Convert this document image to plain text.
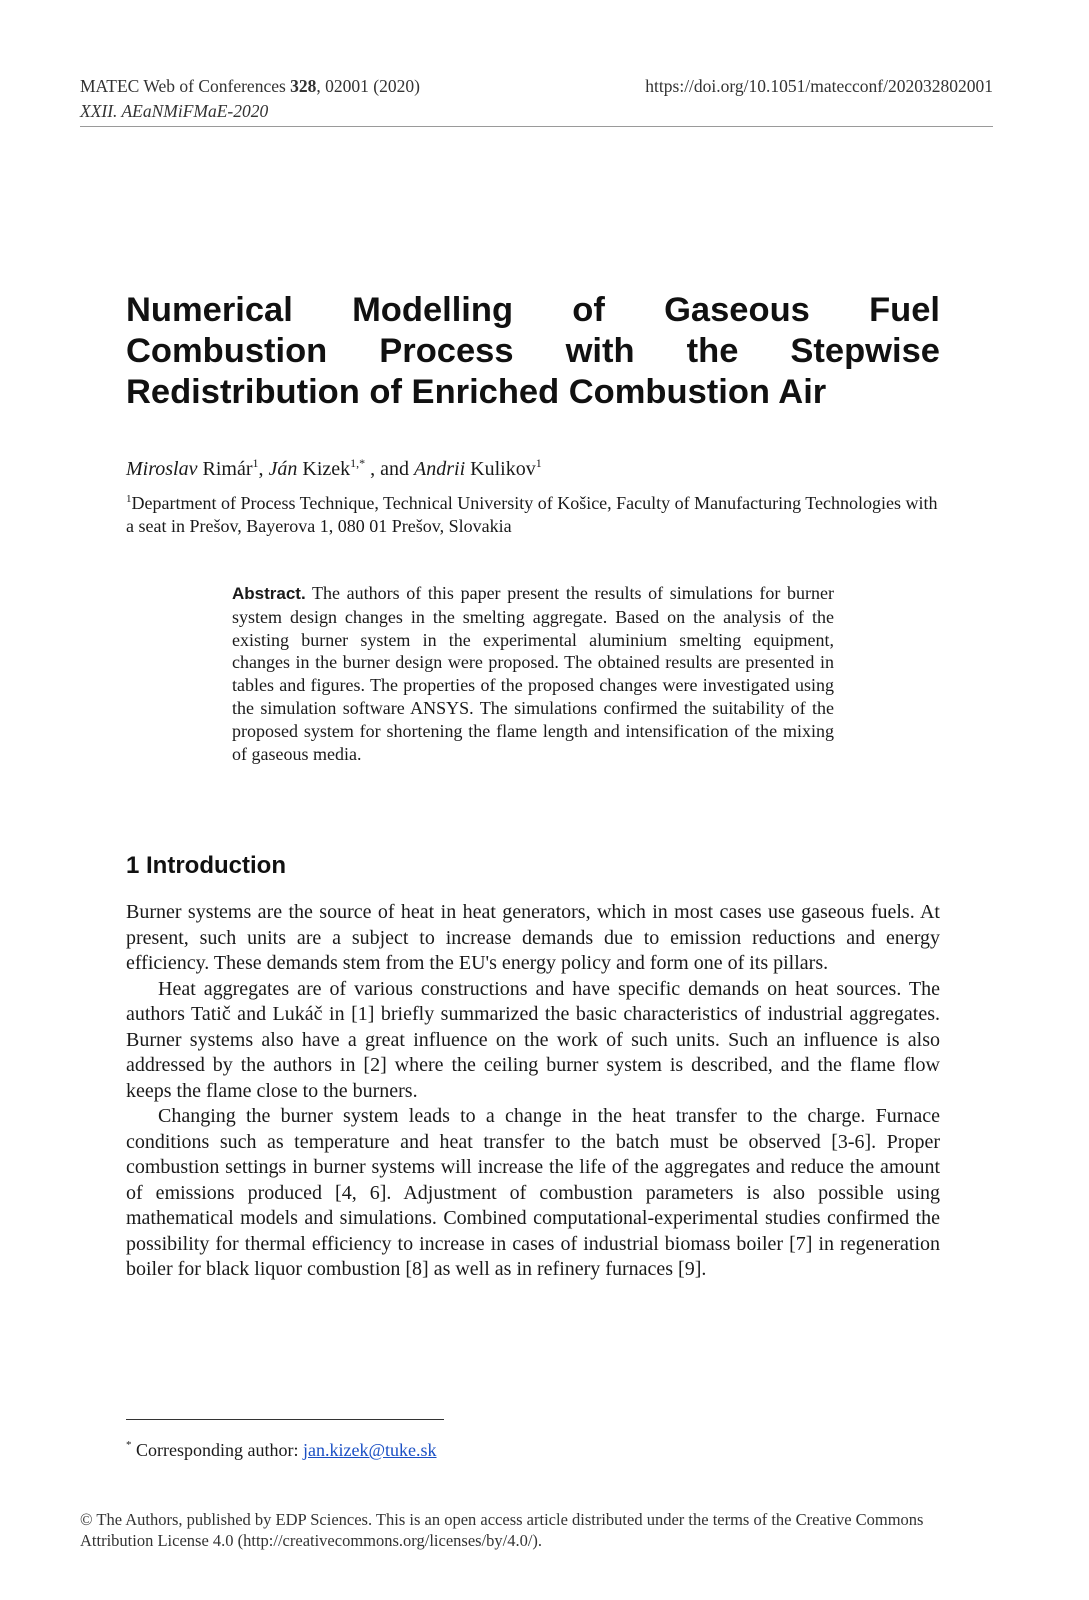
MATEC Web of Conferences 328, 02001 (2020)	https://doi.org/10.1051/matecconf/202032802001
XXII. AEaNMiFMaE-2020
Numerical Modelling of Gaseous Fuel
Combustion Process with the Stepwise
Redistribution of Enriched Combustion Air
Miroslav Rimár$^1$, Ján Kizek$^{1,*}$ , and Andrii Kulikov$^1$
$^1$Department of Process Technique, Technical University of Košice, Faculty of Manufacturing Technologies with a seat in Prešov, Bayerova 1, 080 01 Prešov, Slovakia
Abstract. The authors of this paper present the results of simulations for burner system design changes in the smelting aggregate. Based on the analysis of the existing burner system in the experimental aluminium smelting equipment, changes in the burner design were proposed. The obtained results are presented in tables and figures. The properties of the proposed changes were investigated using the simulation software ANSYS. The simulations confirmed the suitability of the proposed system for shortening the flame length and intensification of the mixing of gaseous media.
1 Introduction

Burner systems are the source of heat in heat generators, which in most cases use gaseous fuels. At present, such units are a subject to increase demands due to emission reductions and energy efficiency. These demands stem from the EU's energy policy and form one of its pillars.

Heat aggregates are of various constructions and have specific demands on heat sources. The authors Tatič and Lukáč in [1] briefly summarized the basic characteristics of industrial aggregates. Burner systems also have a great influence on the work of such units. Such an influence is also addressed by the authors in [2] where the ceiling burner system is described, and the flame flow keeps the flame close to the burners.

Changing the burner system leads to a change in the heat transfer to the charge. Furnace conditions such as temperature and heat transfer to the batch must be observed [3-6]. Proper combustion settings in burner systems will increase the life of the aggregates and reduce the amount of emissions produced [4, 6]. Adjustment of combustion parameters is also possible using mathematical models and simulations. Combined computational-experimental studies confirmed the possibility for thermal efficiency to increase in cases of industrial biomass boiler [7] in regeneration boiler for black liquor combustion [8] as well as in refinery furnaces [9].

* Corresponding author: jan.kizek@tuke.sk
© The Authors, published by EDP Sciences. This is an open access article distributed under the terms of the Creative Commons Attribution License 4.0 (http://creativecommons.org/licenses/by/4.0/).
